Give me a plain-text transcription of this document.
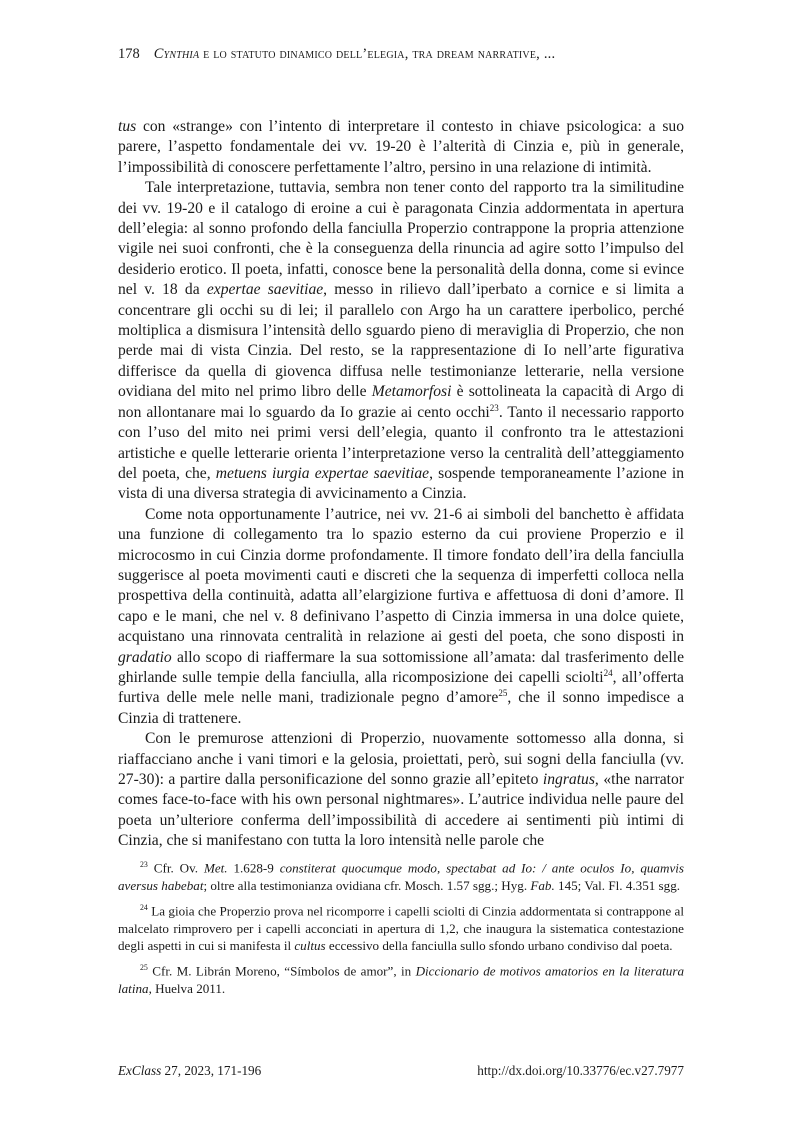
178 Cynthia e lo statuto dinamico dell’elegia, tra dream narrative, ...

tus con «strange» con l’intento di interpretare il contesto in chiave psicologica: a suo parere, l’aspetto fondamentale dei vv. 19-20 è l’alterità di Cinzia e, più in generale, l’impossibilità di conoscere perfettamente l’altro, persino in una relazione di intimità.

Tale interpretazione, tuttavia, sembra non tener conto del rapporto tra la similitudine dei vv. 19-20 e il catalogo di eroine a cui è paragonata Cinzia addormentata in apertura dell’elegia: al sonno profondo della fanciulla Properzio contrappone la propria attenzione vigile nei suoi confronti, che è la conseguenza della rinuncia ad agire sotto l’impulso del desiderio erotico. Il poeta, infatti, conosce bene la personalità della donna, come si evince nel v. 18 da expertae saevitiae, messo in rilievo dall’iperbato a cornice e si limita a concentrare gli occhi su di lei; il parallelo con Argo ha un carattere iperbolico, perché moltiplica a dismisura l’intensità dello sguardo pieno di meraviglia di Properzio, che non perde mai di vista Cinzia. Del resto, se la rappresentazione di Io nell’arte figurativa differisce da quella di giovenca diffusa nelle testimonianze letterarie, nella versione ovidiana del mito nel primo libro delle Metamorfosi è sottolineata la capacità di Argo di non allontanare mai lo sguardo da Io grazie ai cento occhi$^{23}$. Tanto il necessario rapporto con l’uso del mito nei primi versi dell’elegia, quanto il confronto tra le attestazioni artistiche e quelle letterarie orienta l’interpretazione verso la centralità dell’atteggiamento del poeta, che, metuens iurgia expertae saevitiae, sospende temporaneamente l’azione in vista di una diversa strategia di avvicinamento a Cinzia.

Come nota opportunamente l’autrice, nei vv. 21-6 ai simboli del banchetto è affidata una funzione di collegamento tra lo spazio esterno da cui proviene Properzio e il microcosmo in cui Cinzia dorme profondamente. Il timore fondato dell’ira della fanciulla suggerisce al poeta movimenti cauti e discreti che la sequenza di imperfetti colloca nella prospettiva della continuità, adatta all’elargizione furtiva e affettuosa di doni d’amore. Il capo e le mani, che nel v. 8 definivano l’aspetto di Cinzia immersa in una dolce quiete, acquistano una rinnovata centralità in relazione ai gesti del poeta, che sono disposti in gradatio allo scopo di riaffermare la sua sottomissione all’amata: dal trasferimento delle ghirlande sulle tempie della fanciulla, alla ricomposizione dei capelli sciolti$^{24}$, all’offerta furtiva delle mele nelle mani, tradizionale pegno d’amore$^{25}$, che il sonno impedisce a Cinzia di trattenere.

Con le premurose attenzioni di Properzio, nuovamente sottomesso alla donna, si riaffacciano anche i vani timori e la gelosia, proiettati, però, sui sogni della fanciulla (vv. 27-30): a partire dalla personificazione del sonno grazie all’epiteto ingratus, «the narrator comes face-to-face with his own personal nightmares». L’autrice individua nelle paure del poeta un’ulteriore conferma dell’impossibilità di accedere ai sentimenti più intimi di Cinzia, che si manifestano con tutta la loro intensità nelle parole che

$^{23}$ Cfr. Ov. Met. 1.628-9 constiterat quocumque modo, spectabat ad Io: / ante oculos Io, quamvis aversus habebat; oltre alla testimonianza ovidiana cfr. Mosch. 1.57 sgg.; Hyg. Fab. 145; Val. Fl. 4.351 sgg.

$^{24}$ La gioia che Properzio prova nel ricomporre i capelli sciolti di Cinzia addormentata si contrappone al malcelato rimprovero per i capelli acconciati in apertura di 1,2, che inaugura la sistematica contestazione degli aspetti in cui si manifesta il cultus eccessivo della fanciulla sullo sfondo urbano condiviso dal poeta.

$^{25}$ Cfr. M. Librán Moreno, “Símbolos de amor”, in Diccionario de motivos amatorios en la literatura latina, Huelva 2011.

ExClass 27, 2023, 171-196	http://dx.doi.org/10.33776/ec.v27.7977
